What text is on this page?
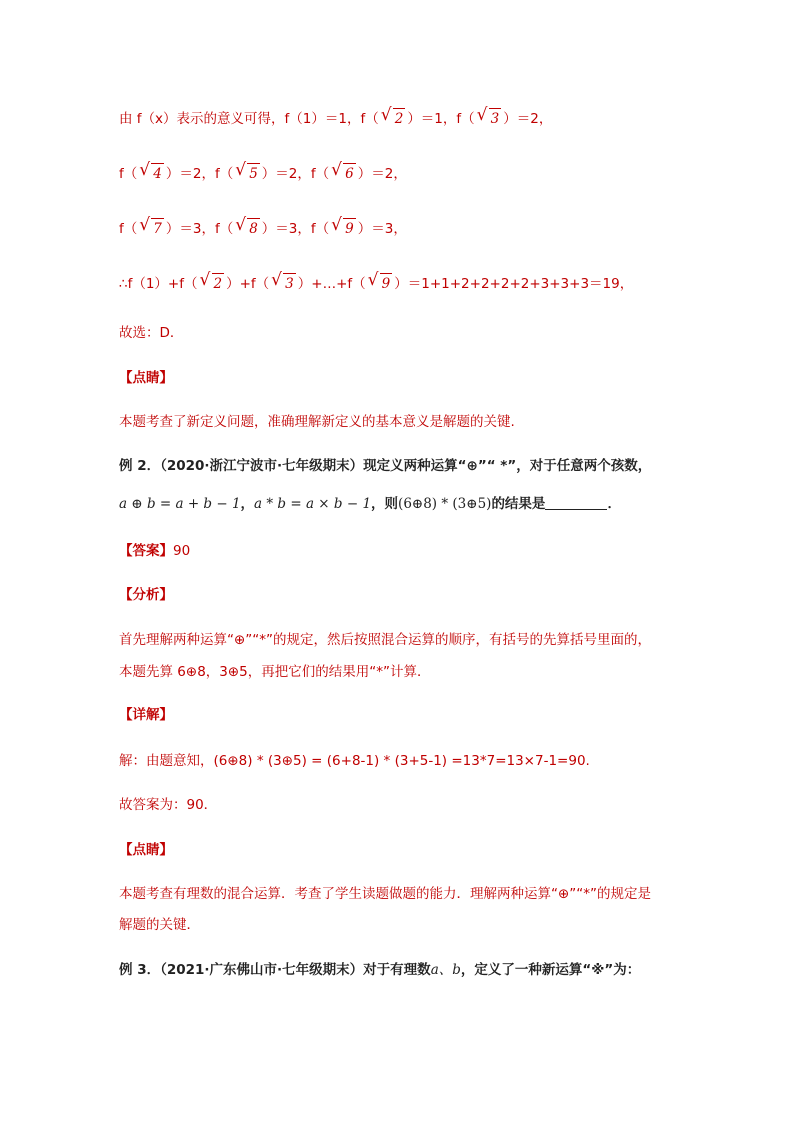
由 f（x）表示的意义可得，f（1）＝1，f（ √ 2 ）＝1，f（ √ 3 ）＝2，
f（ √ 4 ）＝2，f（ √ 5 ）＝2，f（ √ 6 ）＝2，
f（ √ 7 ）＝3，f（ √ 8 ）＝3，f（ √ 9 ）＝3，
∴f（1）+f（ √ 2 ）+f（ √ 3 ）+…+f（ √ 9 ）＝1+1+2+2+2+2+3+3+3＝19，
故选：D．
【点睛】
本题考查了新定义问题，准确理解新定义的基本意义是解题的关键.
例 2．（2020·浙江宁波市·七年级期末）现定义两种运算“⊕”“ *”，对于任意两个孩数，
a ⊕ b = a + b − 1，a * b = a × b − 1，则(6⊕8) * (3⊕5)的结果是	．
【答案】90
【分析】
首先理解两种运算“⊕”“*”的规定，然后按照混合运算的顺序，有括号的先算括号里面的，
本题先算 6⊕8，3⊕5，再把它们的结果用“*”计算．
【详解】
解：由题意知，(6⊕8) * (3⊕5) = (6+8-1) * (3+5-1) =13*7=13×7-1=90.
故答案为：90．
【点睛】
本题考查有理数的混合运算．考查了学生读题做题的能力．理解两种运算“⊕”“*”的规定是
解题的关键．
例 3．（2021·广东佛山市·七年级期末）对于有理数a、b，定义了一种新运算“※”为：
